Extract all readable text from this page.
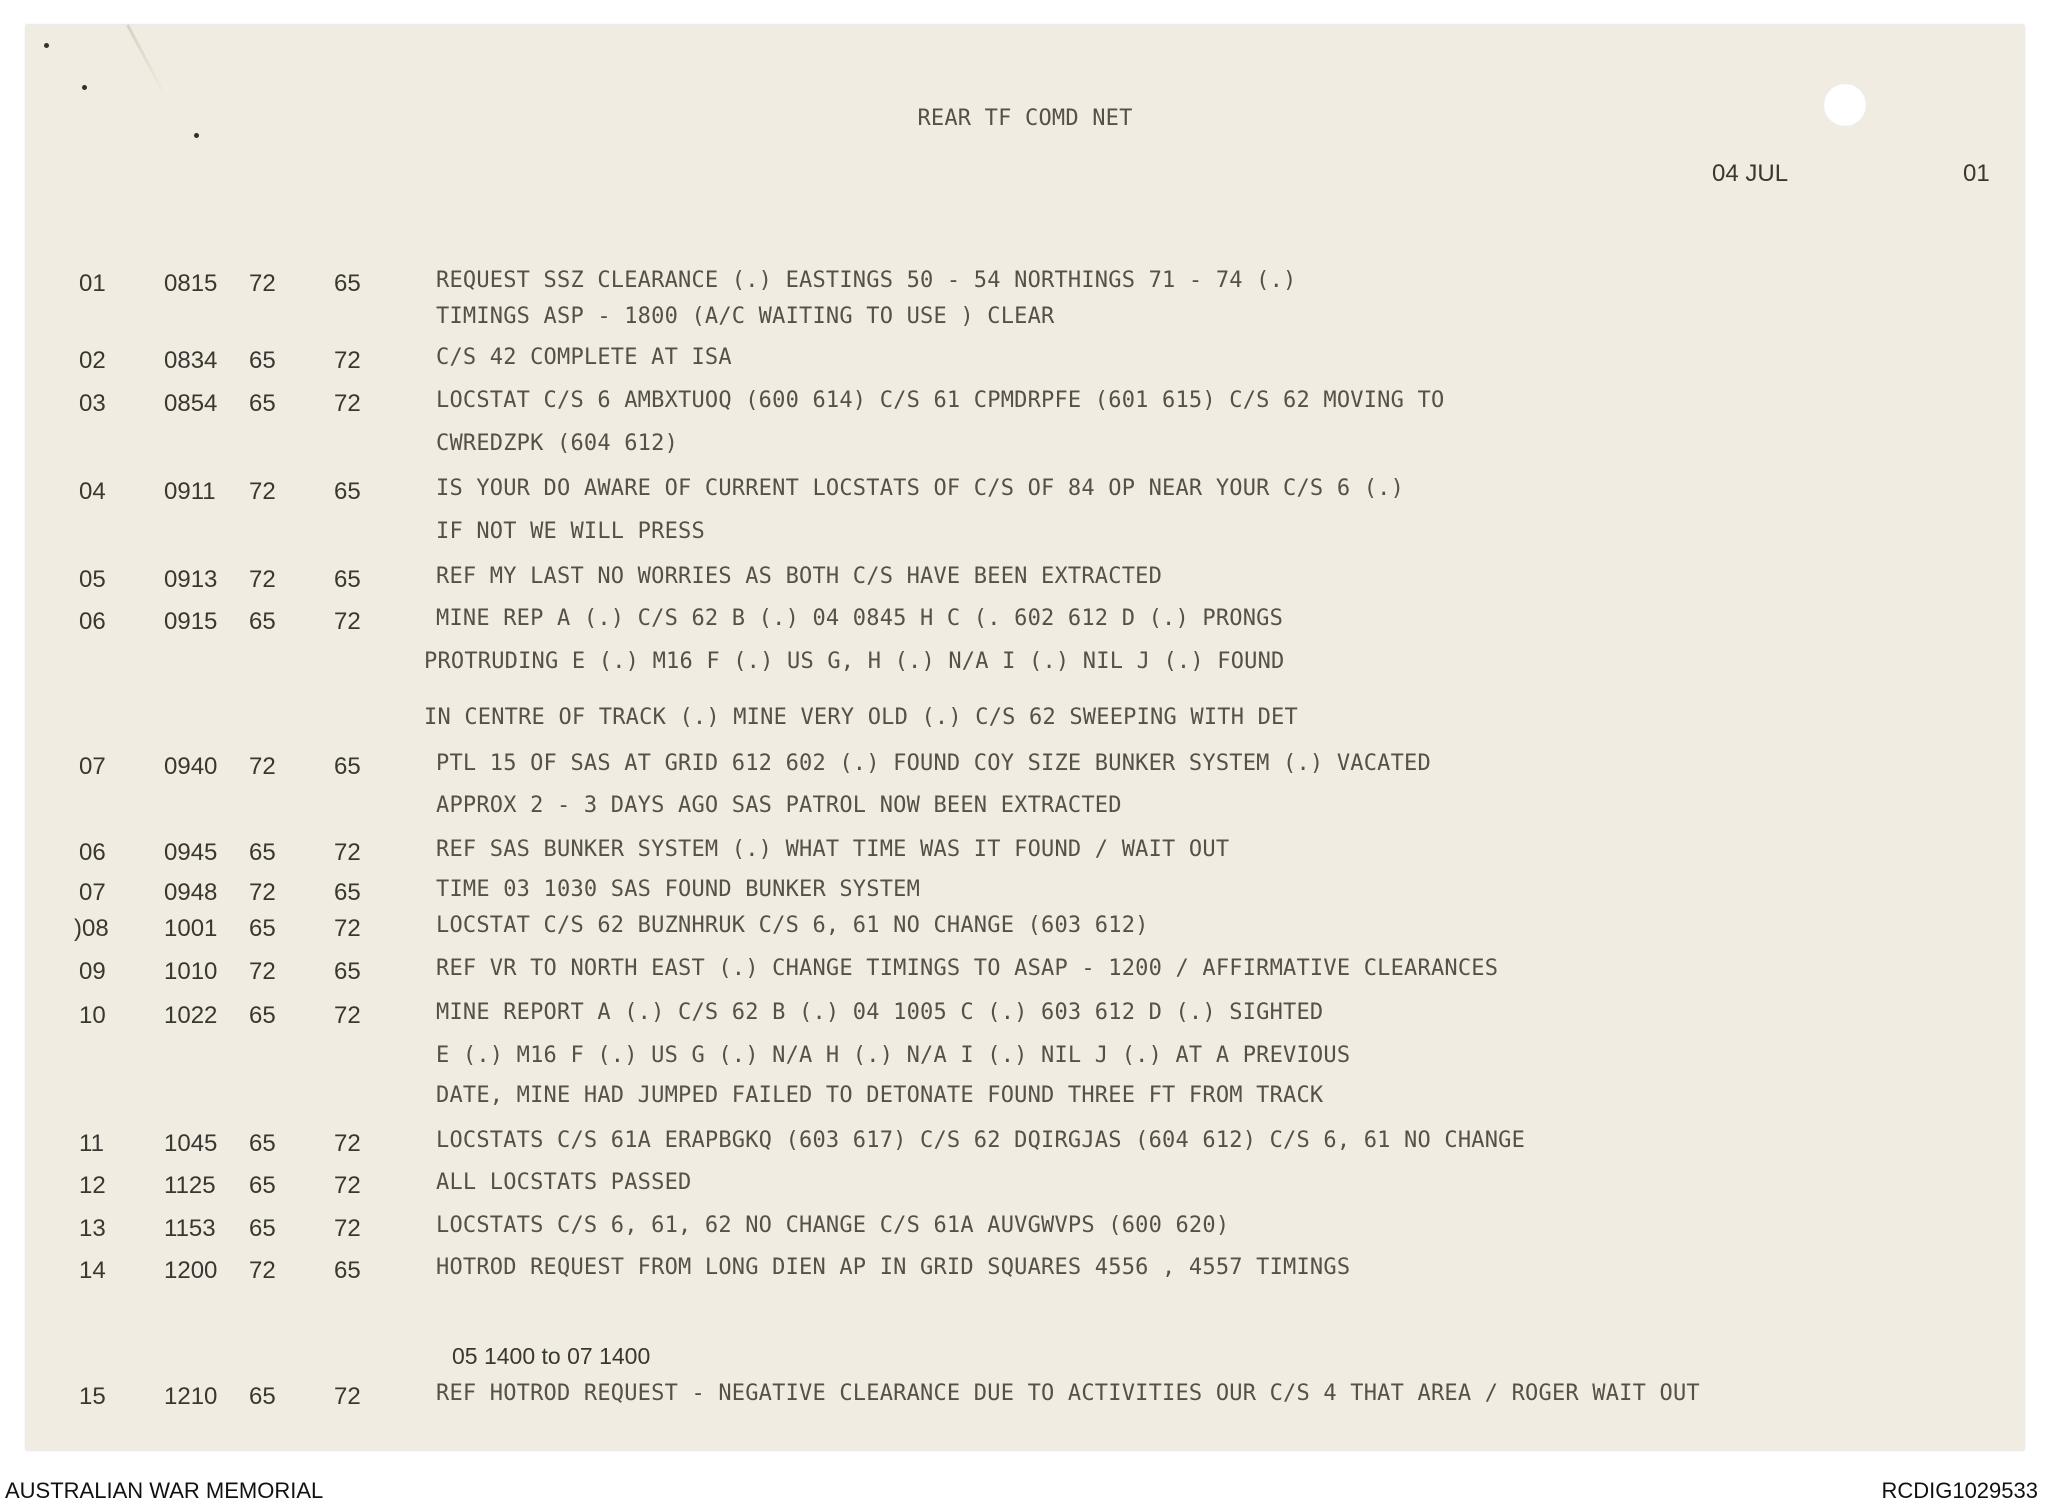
REAR TF COMD NET
04 JUL	01
01 0815 72 65	REQUEST SSZ CLEARANCE (.) EASTINGS 50 - 54 NORTHINGS 71 - 74 (.)
TIMINGS ASP - 1800 (A/C WAITING TO USE ) CLEAR
02 0834 65 72	C/S 42 COMPLETE AT ISA
03 0854 65 72	LOCSTAT C/S 6 AMBXTUOQ (600 614) C/S 61 CPMDRPFE (601 615) C/S 62 MOVING TO
CWREDZPK (604 612)
04 0911 72 65	IS YOUR DO AWARE OF CURRENT LOCSTATS OF C/S OF 84 OP NEAR YOUR C/S 6 (.)
IF NOT WE WILL PRESS
05 0913 72 65	REF MY LAST NO WORRIES AS BOTH C/S HAVE BEEN EXTRACTED
06 0915 65 72	MINE REP A (.) C/S 62 B (.) 04 0845 H C (. 602 612 D (.) PRONGS
PROTRUDING E (.) M16 F (.) US G, H (.) N/A I (.) NIL J (.) FOUND
IN CENTRE OF TRACK (.) MINE VERY OLD (.) C/S 62 SWEEPING WITH DET
07 0940 72 65	PTL 15 OF SAS AT GRID 612 602 (.) FOUND COY SIZE BUNKER SYSTEM (.) VACATED
APPROX 2 - 3 DAYS AGO SAS PATROL NOW BEEN EXTRACTED
06 0945 65 72	REF SAS BUNKER SYSTEM (.) WHAT TIME WAS IT FOUND / WAIT OUT
07 0948 72 65	TIME 03 1030 SAS FOUND BUNKER SYSTEM
)08 1001 65 72	LOCSTAT C/S 62 BUZNHRUK C/S 6, 61 NO CHANGE (603 612)
09 1010 72 65	REF VR TO NORTH EAST (.) CHANGE TIMINGS TO ASAP - 1200 / AFFIRMATIVE CLEARANCES
10 1022 65 72	MINE REPORT A (.) C/S 62 B (.) 04 1005 C (.) 603 612 D (.) SIGHTED
E (.) M16 F (.) US G (.) N/A H (.) N/A I (.) NIL J (.) AT A PREVIOUS
DATE, MINE HAD JUMPED FAILED TO DETONATE FOUND THREE FT FROM TRACK
11	1045 65 72	LOCSTATS C/S 61A ERAPBGKQ (603 617) C/S 62 DQIRGJAS (604 612) C/S 6, 61 NO CHANGE
12 1125 65 72	ALL LOCSTATS PASSED
13 1153 65 72	LOCSTATS C/S 6, 61, 62 NO CHANGE C/S 61A AUVGWVPS (600 620)
14 1200 72 65	HOTROD REQUEST FROM LONG DIEN AP IN GRID SQUARES 4556 , 4557 TIMINGS
05 1400 to 07 1400
15 1210 65 72	REF HOTROD REQUEST - NEGATIVE CLEARANCE DUE TO ACTIVITIES OUR C/S 4 THAT AREA / ROGER WAIT OUT
AUSTRALIAN WAR MEMORIAL	RCDIG1029533
